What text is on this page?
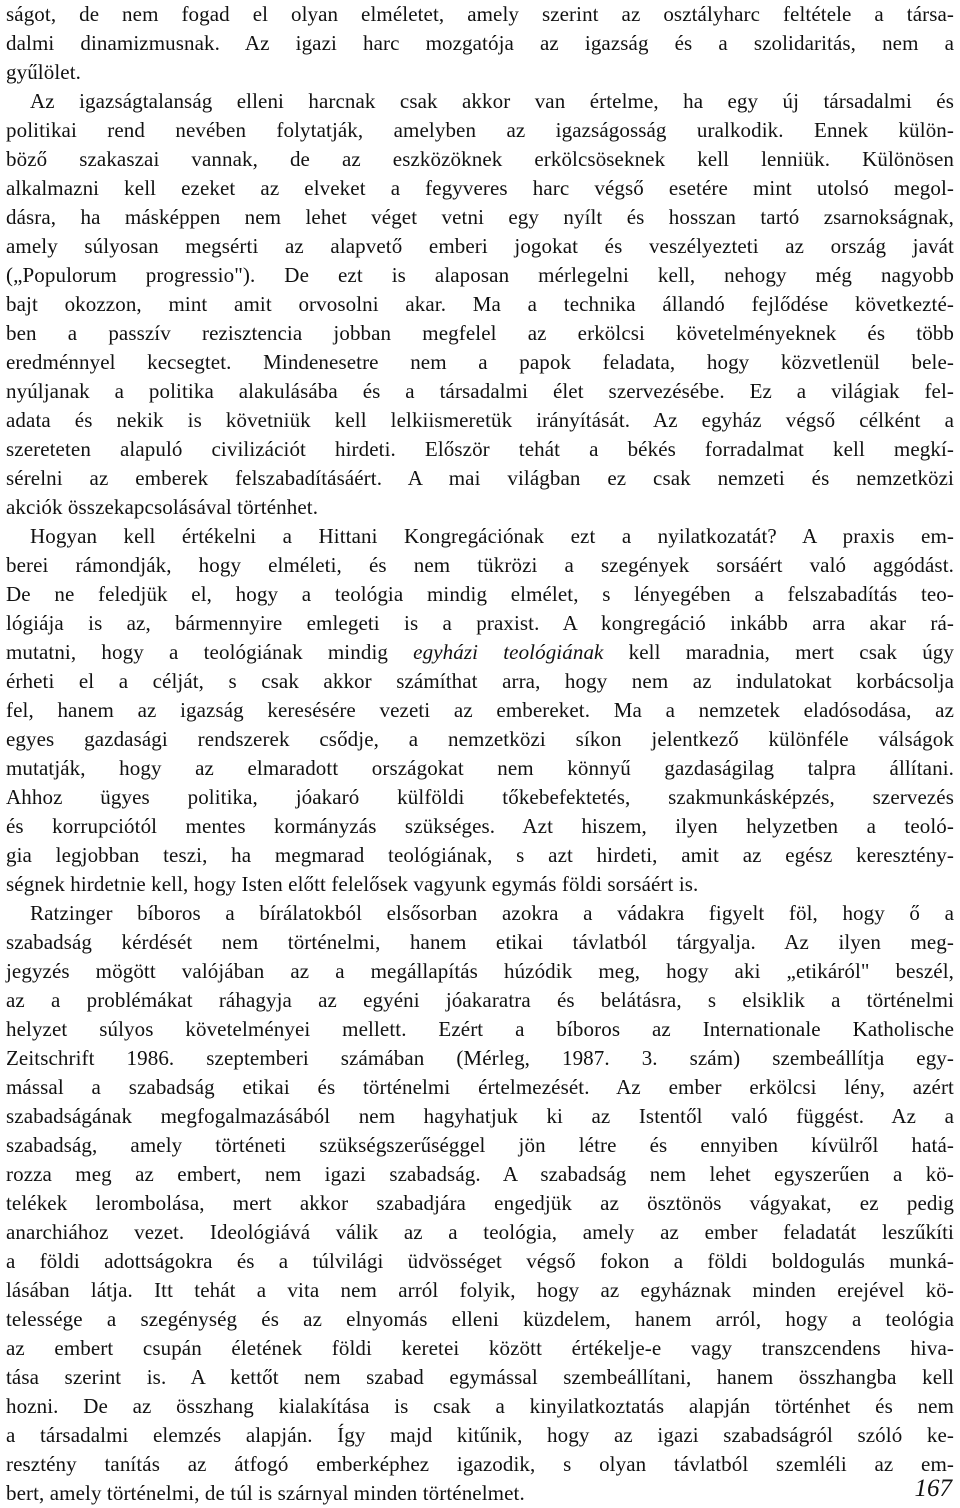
ságot, de nem fogad el olyan elméletet, amely szerint az osztályharc feltétele a társa-
dalmi dinamizmusnak. Az igazi harc mozgatója az igazság és a szolidaritás, nem a
gyűlölet.
Az igazságtalanság elleni harcnak csak akkor van értelme, ha egy új társadalmi és
politikai rend nevében folytatják, amelyben az igazságosság uralkodik. Ennek külön-
böző szakaszai vannak, de az eszközöknek erkölcsöseknek kell lenniük. Különösen
alkalmazni kell ezeket az elveket a fegyveres harc végső esetére mint utolsó megol-
dásra, ha másképpen nem lehet véget vetni egy nyílt és hosszan tartó zsarnokságnak,
amely súlyosan megsérti az alapvető emberi jogokat és veszélyezteti az ország javát
(„Populorum progressio"). De ezt is alaposan mérlegelni kell, nehogy még nagyobb
bajt okozzon, mint amit orvosolni akar. Ma a technika állandó fejlődése következté-
ben a passzív rezisztencia jobban megfelel az erkölcsi követelményeknek és több
eredménnyel kecsegtet. Mindenesetre nem a papok feladata, hogy közvetlenül bele-
nyúljanak a politika alakulásába és a társadalmi élet szervezésébe. Ez a világiak fel-
adata és nekik is követniük kell lelkiismeretük irányítását. Az egyház végső célként a
szereteten alapuló civilizációt hirdeti. Először tehát a békés forradalmat kell megkí-
sérelni az emberek felszabadításáért. A mai világban ez csak nemzeti és nemzetközi
akciók összekapcsolásával történhet.
Hogyan kell értékelni a Hittani Kongregációnak ezt a nyilatkozatát? A praxis em-
berei rámondják, hogy elméleti, és nem tükrözi a szegények sorsáért való aggódást.
De ne feledjük el, hogy a teológia mindig elmélet, s lényegében a felszabadítás teo-
lógiája is az, bármennyire emlegeti is a praxist. A kongregáció inkább arra akar rá-
mutatni, hogy a teológiának mindig egyházi teológiának kell maradnia, mert csak úgy
érheti el a célját, s csak akkor számíthat arra, hogy nem az indulatokat korbácsolja
fel, hanem az igazság keresésére vezeti az embereket. Ma a nemzetek eladósodása, az
egyes gazdasági rendszerek csődje, a nemzetközi síkon jelentkező különféle válságok
mutatják, hogy az elmaradott országokat nem könnyű gazdaságilag talpra állítani.
Ahhoz ügyes politika, jóakaró külföldi tőkebefektetés, szakmunkásképzés, szervezés
és korrupciótól mentes kormányzás szükséges. Azt hiszem, ilyen helyzetben a teoló-
gia legjobban teszi, ha megmarad teológiának, s azt hirdeti, amit az egész keresztény-
ségnek hirdetnie kell, hogy Isten előtt felelősek vagyunk egymás földi sorsáért is.
Ratzinger bíboros a bírálatokból elsősorban azokra a vádakra figyelt föl, hogy ő a
szabadság kérdését nem történelmi, hanem etikai távlatból tárgyalja. Az ilyen meg-
jegyzés mögött valójában az a megállapítás húzódik meg, hogy aki „etikáról" beszél,
az a problémákat ráhagyja az egyéni jóakaratra és belátásra, s elsiklik a történelmi
helyzet súlyos követelményei mellett. Ezért a bíboros az Internationale Katholische
Zeitschrift 1986. szeptemberi számában (Mérleg, 1987. 3. szám) szembeállítja egy-
mással a szabadság etikai és történelmi értelmezését. Az ember erkölcsi lény, azért
szabadságának megfogalmazásából nem hagyhatjuk ki az Istentől való függést. Az a
szabadság, amely történeti szükségszerűséggel jön létre és ennyiben kívülről hatá-
rozza meg az embert, nem igazi szabadság. A szabadság nem lehet egyszerűen a kö-
telékek lerombolása, mert akkor szabadjára engedjük az ösztönös vágyakat, ez pedig
anarchiához vezet. Ideológiává válik az a teológia, amely az ember feladatát leszűkíti
a földi adottságokra és a túlvilági üdvösséget végső fokon a földi boldogulás munká-
lásában látja. Itt tehát a vita nem arról folyik, hogy az egyháznak minden erejével kö-
telessége a szegénység és az elnyomás elleni küzdelem, hanem arról, hogy a teológia
az embert csupán életének földi keretei között értékelje-e vagy transzcendens hiva-
tása szerint is. A kettőt nem szabad egymással szembeállítani, hanem összhangba kell
hozni. De az összhang kialakítása is csak a kinyilatkoztatás alapján történhet és nem
a társadalmi elemzés alapján. Így majd kitűnik, hogy az igazi szabadságról szóló ke-
resztény tanítás az átfogó emberképhez igazodik, s olyan távlatból szemléli az em-
bert, amely történelmi, de túl is szárnyal minden történelmet.	167
